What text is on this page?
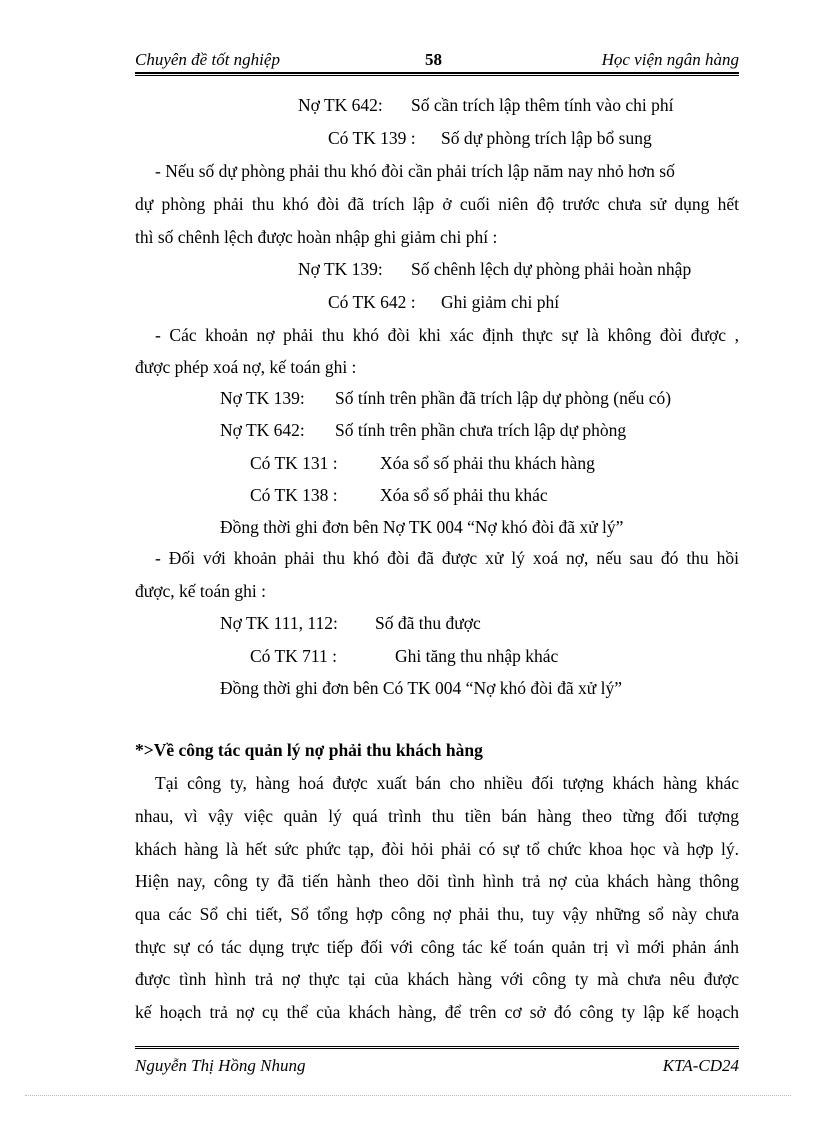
Chuyên đề tốt nghiệp	58	Học viện ngân hàng
Nợ TK 642: Số cần trích lập thêm tính vào chi phí
Có TK 139 : Số dự phòng trích lập bổ sung
- Nếu số dự phòng phải thu khó đòi cần phải trích lập năm nay nhỏ hơn số
dự phòng phải thu khó đòi đã trích lập ở cuối niên độ trước chưa sử dụng hết
thì số chênh lệch được hoàn nhập ghi giảm chi phí :
Nợ TK 139: Số chênh lệch dự phòng phải hoàn nhập
Có TK 642 : Ghi giảm chi phí
- Các khoản nợ phải thu khó đòi khi xác định thực sự là không đòi được ,
được phép xoá nợ, kế toán ghi :
Nợ TK 139: Số tính trên phần đã trích lập dự phòng (nếu có)
Nợ TK 642: Số tính trên phần chưa trích lập dự phòng
Có TK 131 : Xóa sổ số phải thu khách hàng
Có TK 138 : Xóa sổ số phải thu khác
Đồng thời ghi đơn bên Nợ TK 004 “Nợ khó đòi đã xử lý”
- Đối với khoản phải thu khó đòi đã được xử lý xoá nợ, nếu sau đó thu hồi
được, kế toán ghi :
Nợ TK 111, 112: Số đã thu được
Có TK 711 :	Ghi tăng thu nhập khác
Đồng thời ghi đơn bên Có TK 004 “Nợ khó đòi đã xử lý”
*>Về công tác quản lý nợ phải thu khách hàng
Tại công ty, hàng hoá được xuất bán cho nhiều đối tượng khách hàng khác
nhau, vì vậy việc quản lý quá trình thu tiền bán hàng theo từng đối tượng
khách hàng là hết sức phức tạp, đòi hỏi phải có sự tổ chức khoa học và hợp lý.
Hiện nay, công ty đã tiến hành theo dõi tình hình trả nợ của khách hàng thông
qua các Sổ chi tiết, Sổ tổng hợp công nợ phải thu, tuy vậy những sổ này chưa
thực sự có tác dụng trực tiếp đối với công tác kế toán quản trị vì mới phản ánh
được tình hình trả nợ thực tại của khách hàng với công ty mà chưa nêu được
kế hoạch trả nợ cụ thể của khách hàng, để trên cơ sở đó công ty lập kế hoạch
Nguyễn Thị Hồng Nhung	KTA-CD24
